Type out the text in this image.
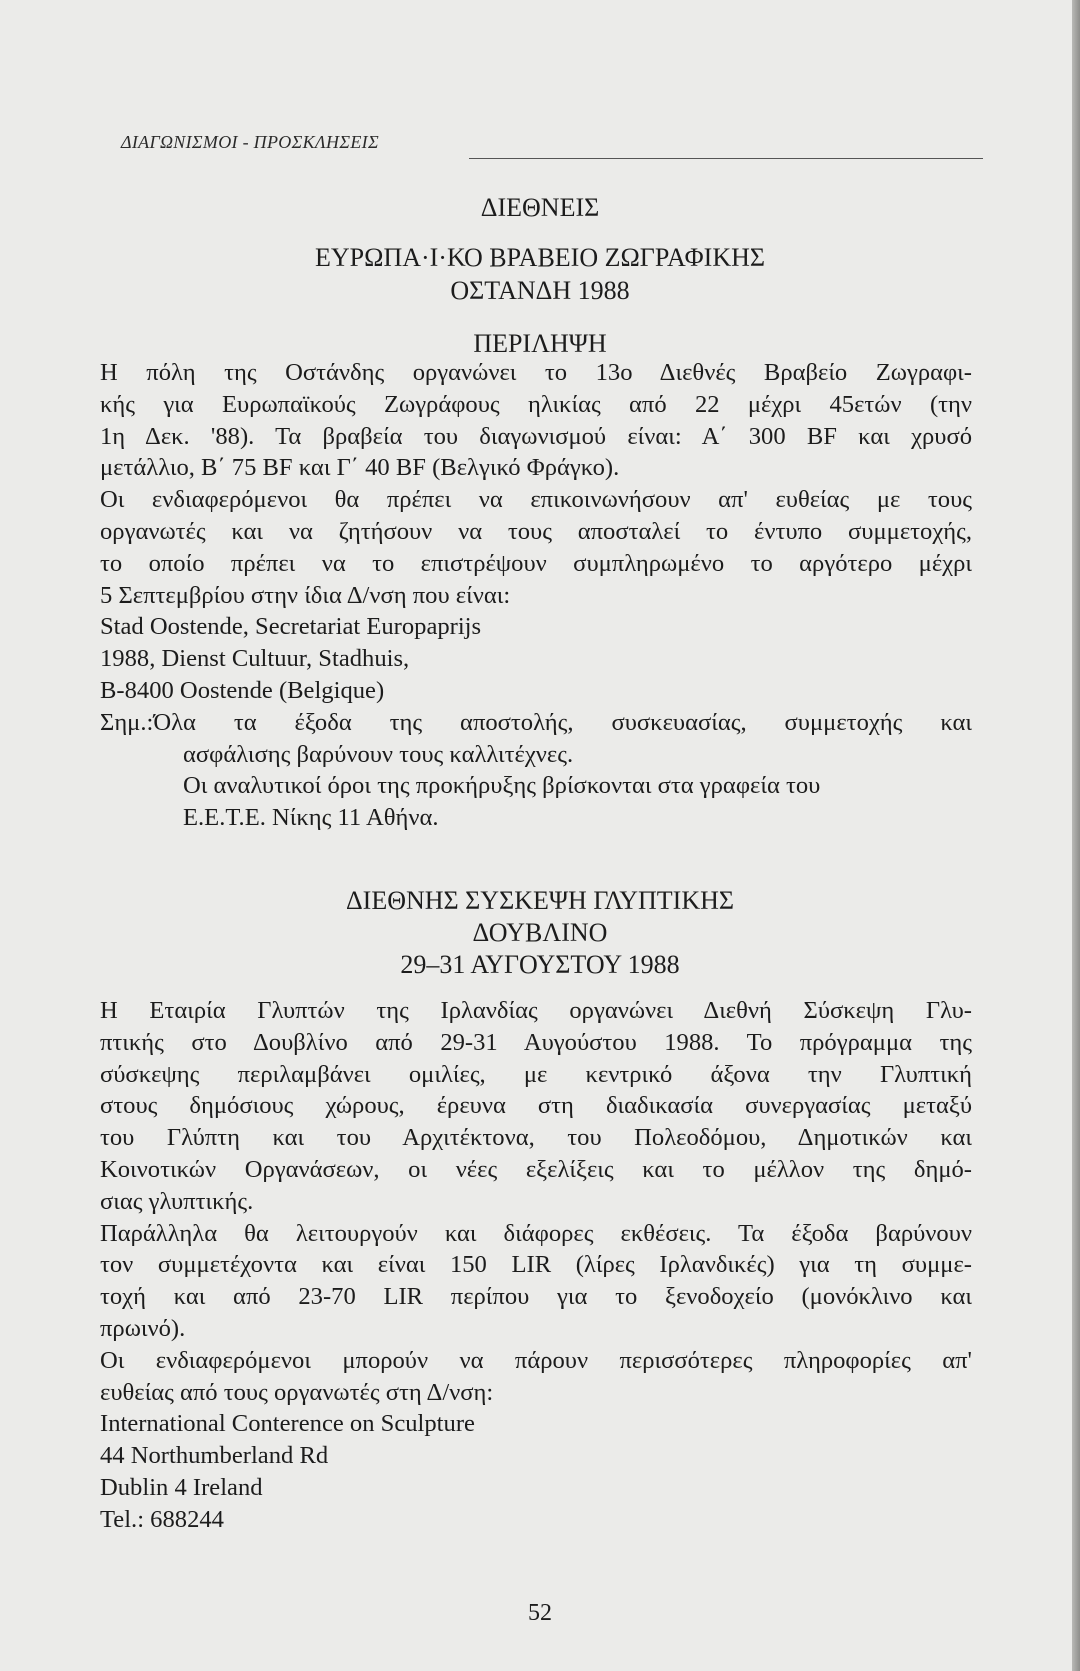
ΔΙΑΓΩΝΙΣΜΟΙ - ΠΡΟΣΚΛΗΣΕΙΣ
ΔΙΕΘΝΕΙΣ
ΕΥΡΩΠΑ·Ι·ΚΟ ΒΡΑΒΕΙΟ ΖΩΓΡΑΦΙΚΗΣ
ΟΣΤΑΝΔΗ 1988
ΠΕΡΙΛΗΨΗ
Η πόλη της Οστάνδης οργανώνει το 13ο Διεθνές Βραβείο Ζωγραφι-
κής για Ευρωπαϊκούς Ζωγράφους ηλικίας από 22 μέχρι 45ετών (την
1η Δεκ. '88). Τα βραβεία του διαγωνισμού είναι: Α΄ 300 BF και χρυσό
μετάλλιο, Β΄ 75 BF και Γ΄ 40 BF (Βελγικό Φράγκο).
Οι ενδιαφερόμενοι θα πρέπει να επικοινωνήσουν απ' ευθείας με τους
οργανωτές και να ζητήσουν να τους αποσταλεί το έντυπο συμμετοχής,
το οποίο πρέπει να το επιστρέψουν συμπληρωμένο το αργότερο μέχρι
5 Σεπτεμβρίου στην ίδια Δ/νση που είναι:
Stad Oostende, Secretariat Europaprijs
1988, Dienst Cultuur, Stadhuis,
B-8400 Oostende (Belgique)
Σημ.:Όλα τα έξοδα της αποστολής, συσκευασίας, συμμετοχής και
ασφάλισης βαρύνουν τους καλλιτέχνες.
Οι αναλυτικοί όροι της προκήρυξης βρίσκονται στα γραφεία του
Ε.Ε.Τ.Ε. Νίκης 11 Αθήνα.
ΔΙΕΘΝΗΣ ΣΥΣΚΕΨΗ ΓΛΥΠΤΙΚΗΣ
ΔΟΥΒΛΙΝΟ
29–31 ΑΥΓΟΥΣΤΟΥ 1988
Η Εταιρία Γλυπτών της Ιρλανδίας οργανώνει Διεθνή Σύσκεψη Γλυ-
πτικής στο Δουβλίνο από 29-31 Αυγούστου 1988. Το πρόγραμμα της
σύσκεψης περιλαμβάνει ομιλίες, με κεντρικό άξονα την Γλυπτική
στους δημόσιους χώρους, έρευνα στη διαδικασία συνεργασίας μεταξύ
του Γλύπτη και του Αρχιτέκτονα, του Πολεοδόμου, Δημοτικών και
Κοινοτικών Οργανάσεων, οι νέες εξελίξεις και το μέλλον της δημό-
σιας γλυπτικής.
Παράλληλα θα λειτουργούν και διάφορες εκθέσεις. Τα έξοδα βαρύνουν
τον συμμετέχοντα και είναι 150 LIR (λίρες Ιρλανδικές) για τη συμμε-
τοχή και από 23-70 LIR περίπου για το ξενοδοχείο (μονόκλινο και
πρωινό).
Οι ενδιαφερόμενοι μπορούν να πάρουν περισσότερες πληροφορίες απ'
ευθείας από τους οργανωτές στη Δ/νση:
International Conterence on Sculpture
44 Northumberland Rd
Dublin 4 Ireland
Tel.: 688244
52
